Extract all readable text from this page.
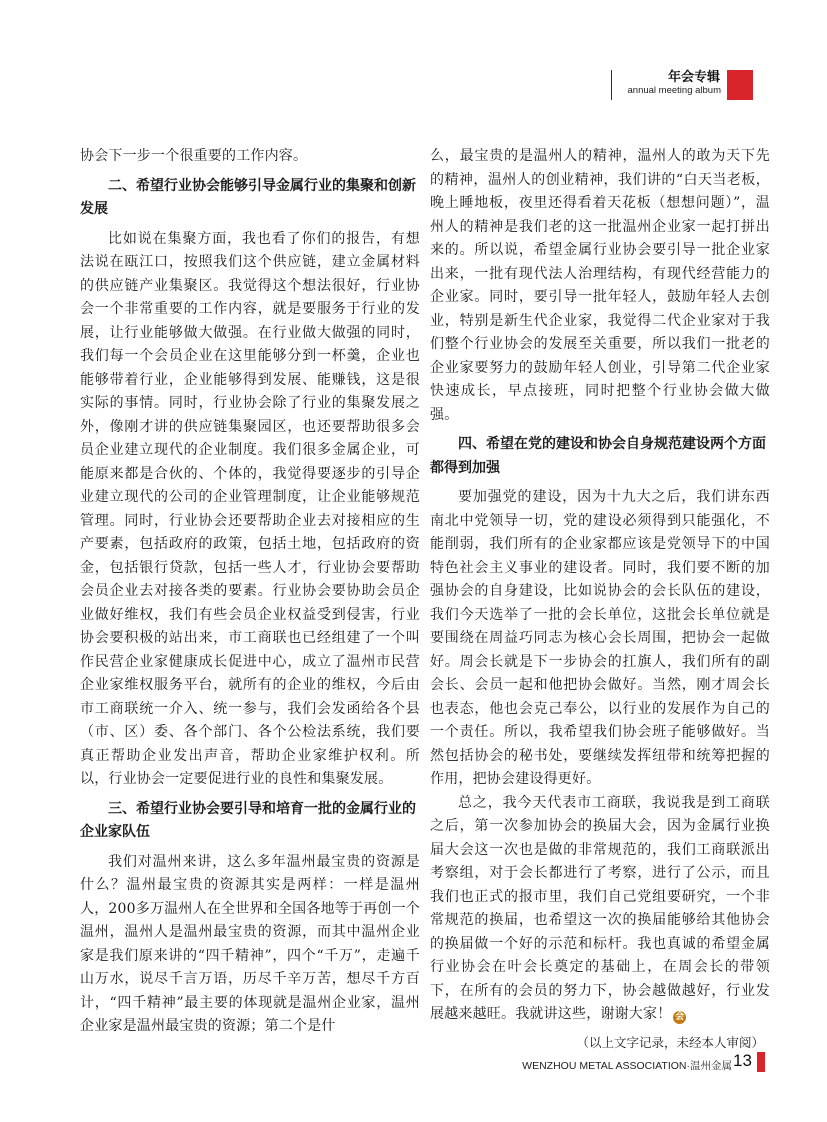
年会专辑
annual meeting album

协会下一步一个很重要的工作内容。

二、希望行业协会能够引导金属行业的集聚和创新发展

比如说在集聚方面，我也看了你们的报告，有想法说在瓯江口，按照我们这个供应链，建立金属材料的供应链产业集聚区。我觉得这个想法很好，行业协会一个非常重要的工作内容，就是要服务于行业的发展，让行业能够做大做强。在行业做大做强的同时，我们每一个会员企业在这里能够分到一杯羹，企业也能够带着行业，企业能够得到发展、能赚钱，这是很实际的事情。同时，行业协会除了行业的集聚发展之外，像刚才讲的供应链集聚园区，也还要帮助很多会员企业建立现代的企业制度。我们很多金属企业，可能原来都是合伙的、个体的，我觉得要逐步的引导企业建立现代的公司的企业管理制度，让企业能够规范管理。同时，行业协会还要帮助企业去对接相应的生产要素，包括政府的政策，包括土地，包括政府的资金，包括银行贷款，包括一些人才，行业协会要帮助会员企业去对接各类的要素。行业协会要协助会员企业做好维权，我们有些会员企业权益受到侵害，行业协会要积极的站出来，市工商联也已经组建了一个叫作民营企业家健康成长促进中心，成立了温州市民营企业家维权服务平台，就所有的企业的维权，今后由市工商联统一介入、统一参与，我们会发函给各个县（市、区）委、各个部门、各个公检法系统，我们要真正帮助企业发出声音，帮助企业家维护权利。所以，行业协会一定要促进行业的良性和集聚发展。

三、希望行业协会要引导和培育一批的金属行业的企业家队伍

我们对温州来讲，这么多年温州最宝贵的资源是什么？温州最宝贵的资源其实是两样：一样是温州人，200多万温州人在全世界和全国各地等于再创一个温州，温州人是温州最宝贵的资源，而其中温州企业家是我们原来讲的“四千精神”，四个“千万”，走遍千山万水，说尽千言万语，历尽千辛万苦，想尽千方百计，“四千精神”最主要的体现就是温州企业家，温州企业家是温州最宝贵的资源；第二个是什

么，最宝贵的是温州人的精神，温州人的敢为天下先的精神，温州人的创业精神，我们讲的“白天当老板，晚上睡地板，夜里还得看着天花板（想想问题）”，温州人的精神是我们老的这一批温州企业家一起打拼出来的。所以说，希望金属行业协会要引导一批企业家出来，一批有现代法人治理结构，有现代经营能力的企业家。同时，要引导一批年轻人，鼓励年轻人去创业，特别是新生代企业家，我觉得二代企业家对于我们整个行业协会的发展至关重要，所以我们一批老的企业家要努力的鼓励年轻人创业，引导第二代企业家快速成长，早点接班，同时把整个行业协会做大做强。

四、希望在党的建设和协会自身规范建设两个方面都得到加强

要加强党的建设，因为十九大之后，我们讲东西南北中党领导一切，党的建设必须得到只能强化，不能削弱，我们所有的企业家都应该是党领导下的中国特色社会主义事业的建设者。同时，我们要不断的加强协会的自身建设，比如说协会的会长队伍的建设，我们今天选举了一批的会长单位，这批会长单位就是要围绕在周益巧同志为核心会长周围，把协会一起做好。周会长就是下一步协会的扛旗人，我们所有的副会长、会员一起和他把协会做好。当然，刚才周会长也表态，他也会克己奉公，以行业的发展作为自己的一个责任。所以，我希望我们协会班子能够做好。当然包括协会的秘书处，要继续发挥纽带和统筹把握的作用，把协会建设得更好。

总之，我今天代表市工商联，我说我是到工商联之后，第一次参加协会的换届大会，因为金属行业换届大会这一次也是做的非常规范的，我们工商联派出考察组，对于会长都进行了考察，进行了公示，而且我们也正式的报市里，我们自己党组要研究，一个非常规范的换届，也希望这一次的换届能够给其他协会的换届做一个好的示范和标杆。我也真诚的希望金属行业协会在叶会长奠定的基础上，在周会长的带领下，在所有的会员的努力下，协会越做越好，行业发展越来越旺。我就讲这些，谢谢大家！ 会

（以上文字记录，未经本人审阅）

WENZHOU METAL ASSOCIATION·温州金属 13
